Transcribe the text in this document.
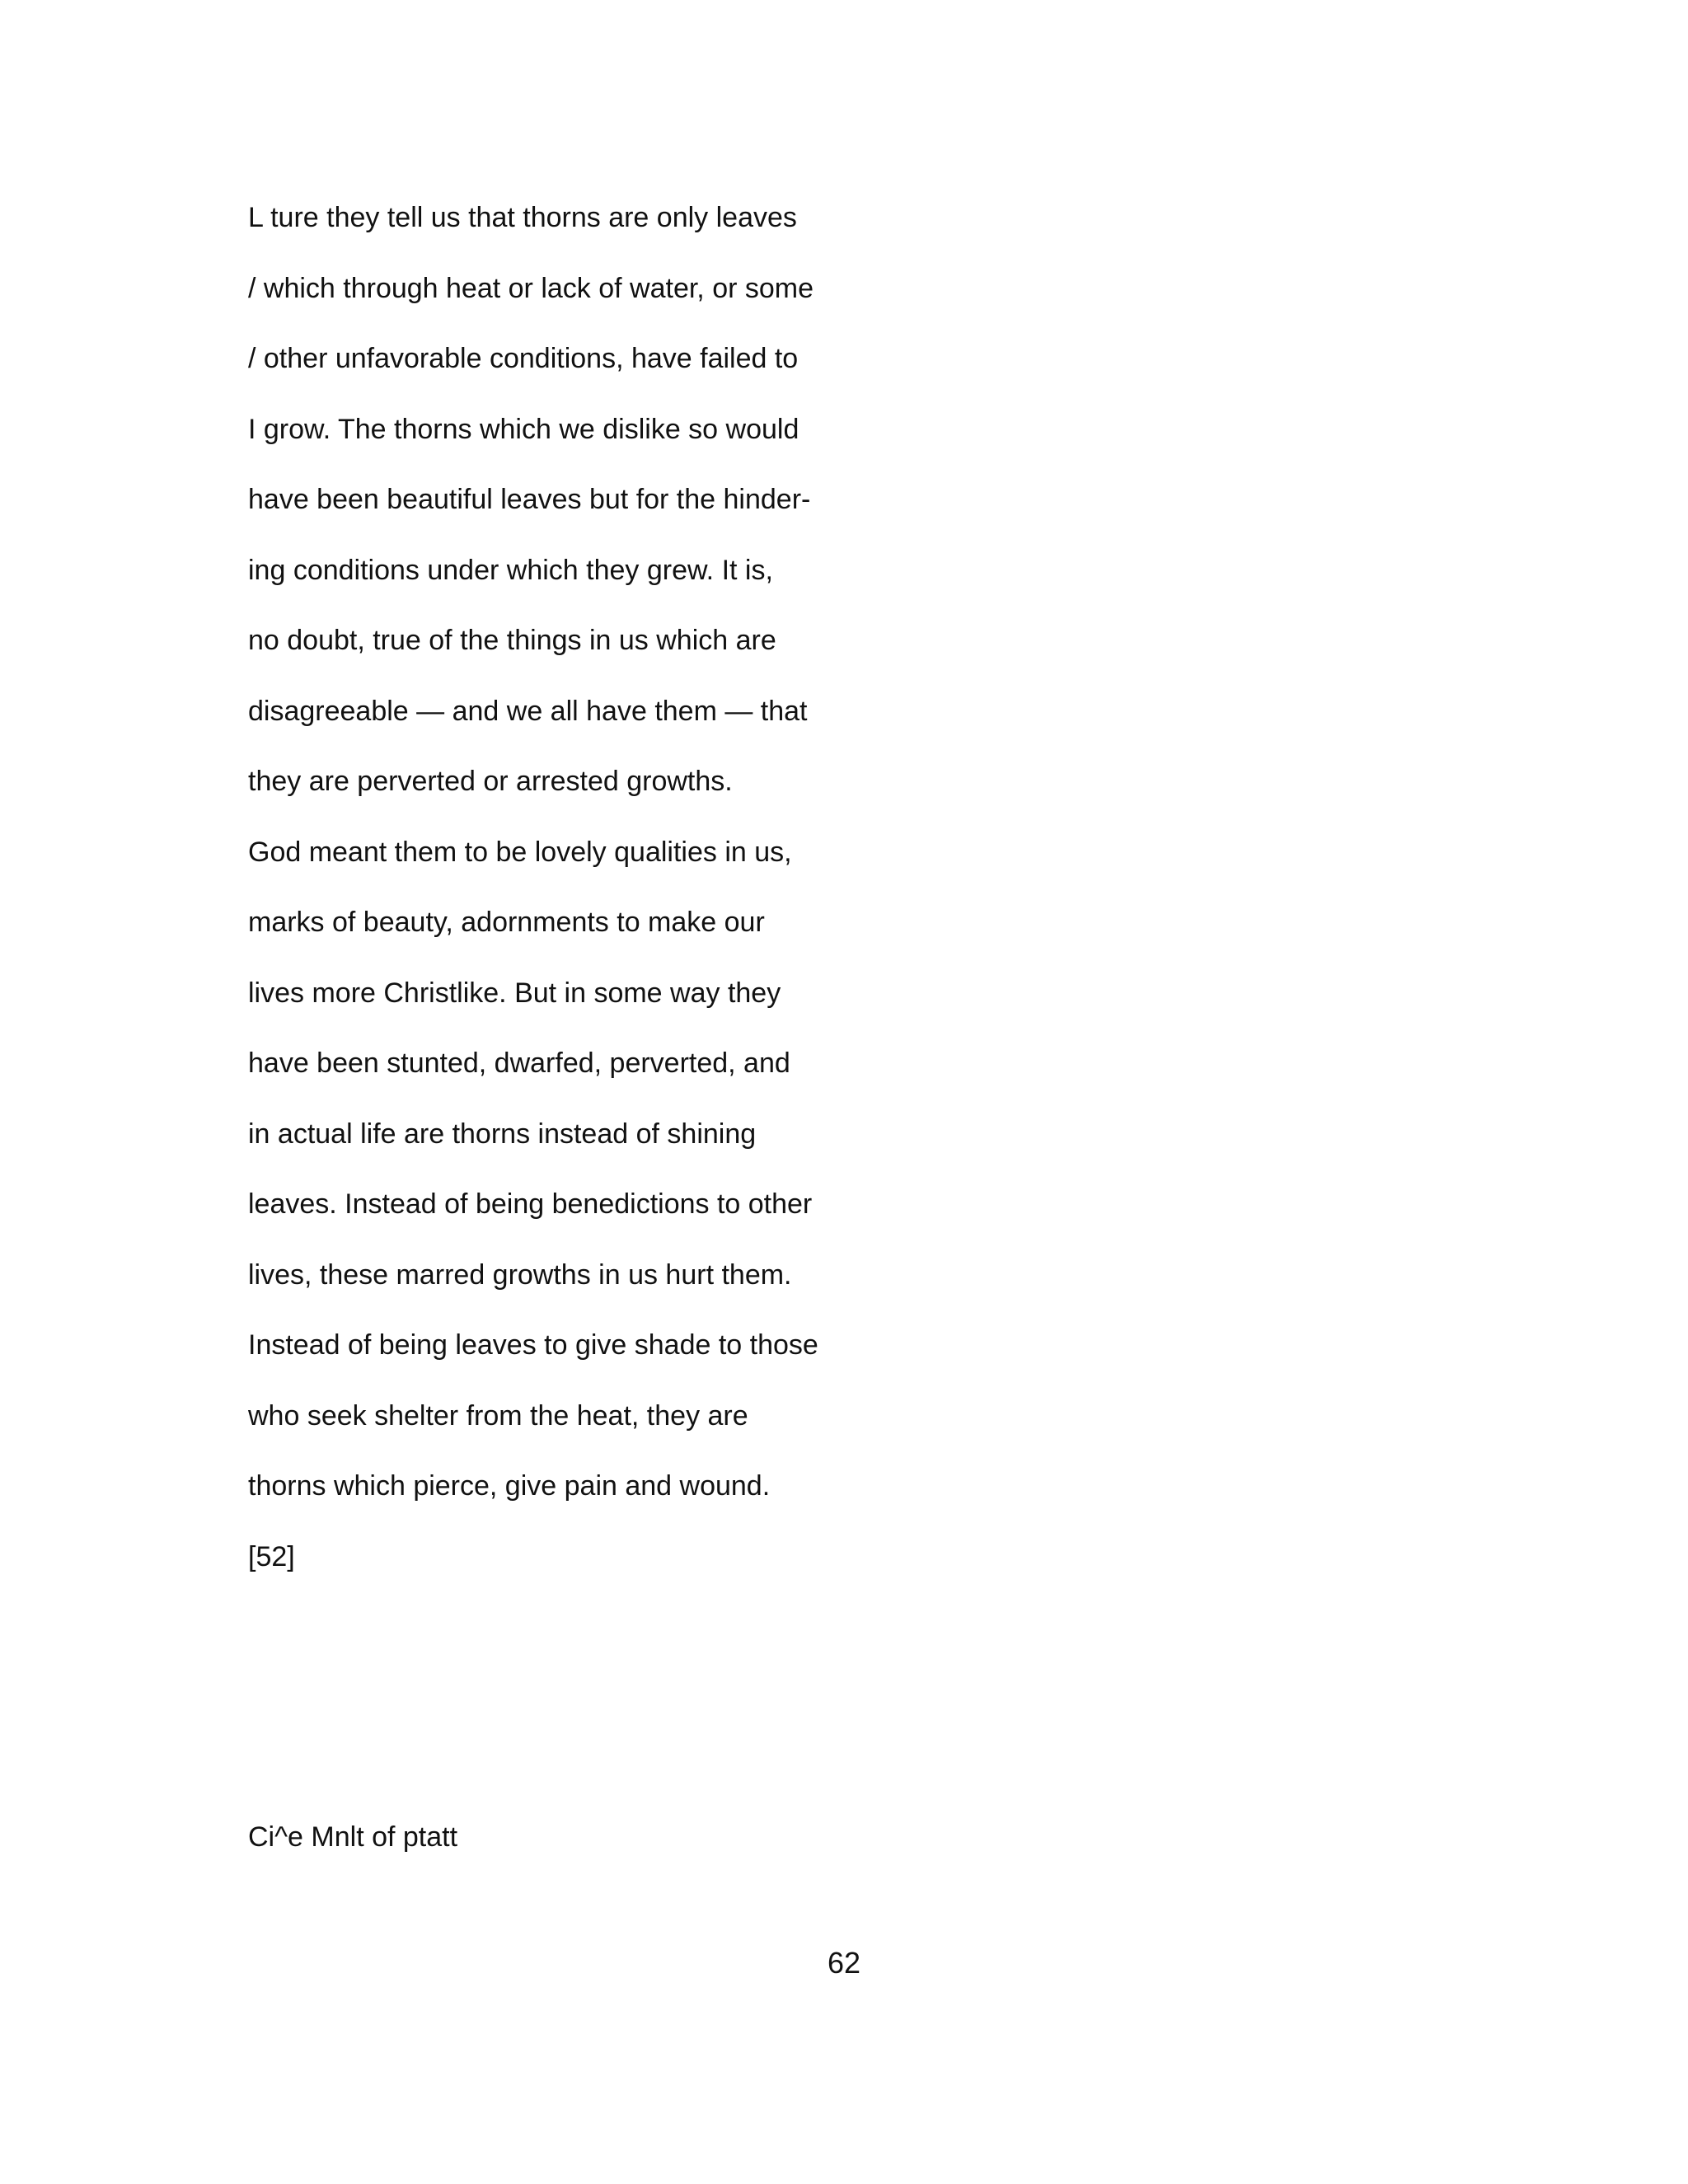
L ture they tell us that thorns are only leaves
/ which through heat or lack of water, or some
/ other unfavorable conditions, have failed to
I grow. The thorns which we dislike so would
have been beautiful leaves but for the hinder-
ing conditions under which they grew. It is,
no doubt, true of the things in us which are
disagreeable — and we all have them — that
they are perverted or arrested growths.
God meant them to be lovely qualities in us,
marks of beauty, adornments to make our
lives more Christlike. But in some way they
have been stunted, dwarfed, perverted, and
in actual life are thorns instead of shining
leaves. Instead of being benedictions to other
lives, these marred growths in us hurt them.
Instead of being leaves to give shade to those
who seek shelter from the heat, they are
thorns which pierce, give pain and wound.
[52]
Ci^e Mnlt of ptatt
62
